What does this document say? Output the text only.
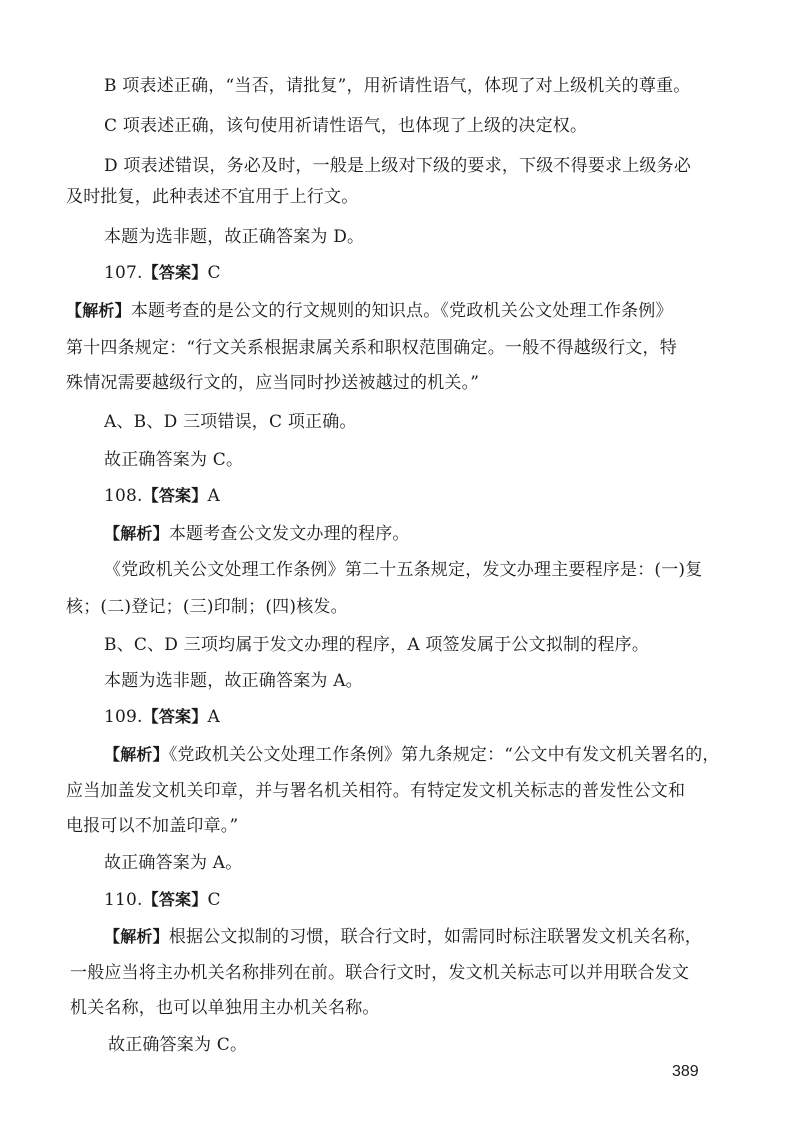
B 项表述正确，“当否，请批复”，用祈请性语气，体现了对上级机关的尊重。
C 项表述正确，该句使用祈请性语气，也体现了上级的决定权。
D 项表述错误，务必及时，一般是上级对下级的要求，下级不得要求上级务必
及时批复，此种表述不宜用于上行文。
本题为选非题，故正确答案为 D。
107.【答案】C
【解析】本题考查的是公文的行文规则的知识点。《党政机关公文处理工作条例》
第十四条规定：“行文关系根据隶属关系和职权范围确定。一般不得越级行文，特
殊情况需要越级行文的，应当同时抄送被越过的机关。”
A、B、D 三项错误，C 项正确。
故正确答案为 C。
108.【答案】A
【解析】本题考查公文发文办理的程序。
《党政机关公文处理工作条例》第二十五条规定，发文办理主要程序是：(一)复
核；(二)登记；(三)印制；(四)核发。
B、C、D 三项均属于发文办理的程序，A 项签发属于公文拟制的程序。
本题为选非题，故正确答案为 A。
109.【答案】A
【解析】《党政机关公文处理工作条例》第九条规定：“公文中有发文机关署名的，
应当加盖发文机关印章，并与署名机关相符。有特定发文机关标志的普发性公文和
电报可以不加盖印章。”
故正确答案为 A。
110.【答案】C
【解析】根据公文拟制的习惯，联合行文时，如需同时标注联署发文机关名称，
一般应当将主办机关名称排列在前。联合行文时，发文机关标志可以并用联合发文
机关名称，也可以单独用主办机关名称。
故正确答案为 C。
389
